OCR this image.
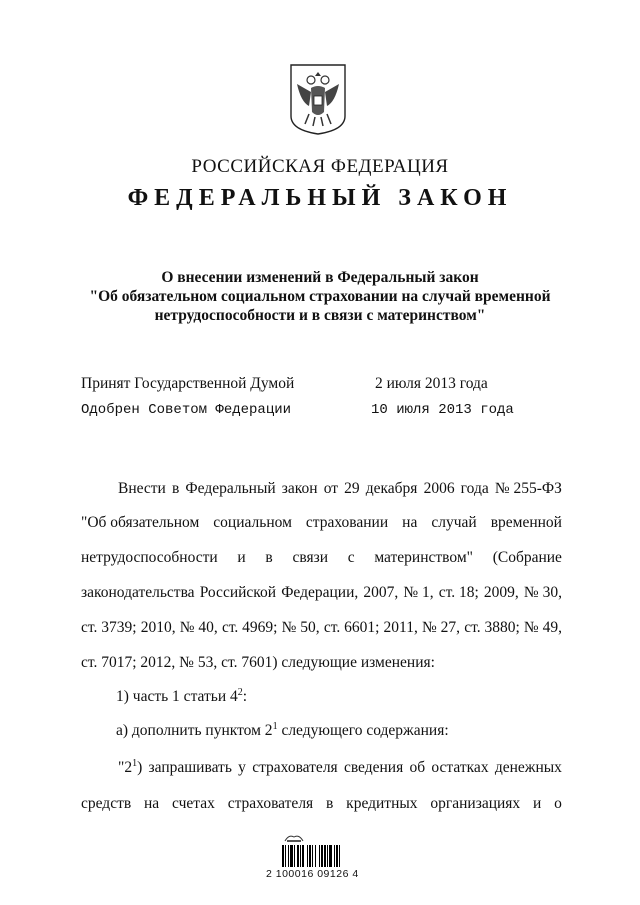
РОССИЙСКАЯ ФЕДЕРАЦИЯ
ФЕДЕРАЛЬНЫЙ ЗАКОН
О внесении изменений в Федеральный закон
"Об обязательном социальном страховании на случай временной
нетрудоспособности и в связи с материнством"
Принят Государственной Думой	2 июля 2013 года
Одобрен Советом Федерации	10 июля 2013 года
Внести в Федеральный закон от 29 декабря 2006 года № 255-ФЗ
"Об обязательном социальном страховании на случай временной
нетрудоспособности и в связи с материнством" (Собрание
законодательства Российской Федерации, 2007, № 1, ст. 18; 2009, № 30,
ст. 3739; 2010, № 40, ст. 4969; № 50, ст. 6601; 2011, № 27, ст. 3880; № 49,
ст. 7017; 2012, № 53, ст. 7601) следующие изменения:
1) часть 1 статьи $4^2$:
а) дополнить пунктом $2^1$ следующего содержания:
"$2^1$) запрашивать у страхователя сведения об остатках денежных
средств на счетах страхователя в кредитных организациях и о
2 100016 09126 4
